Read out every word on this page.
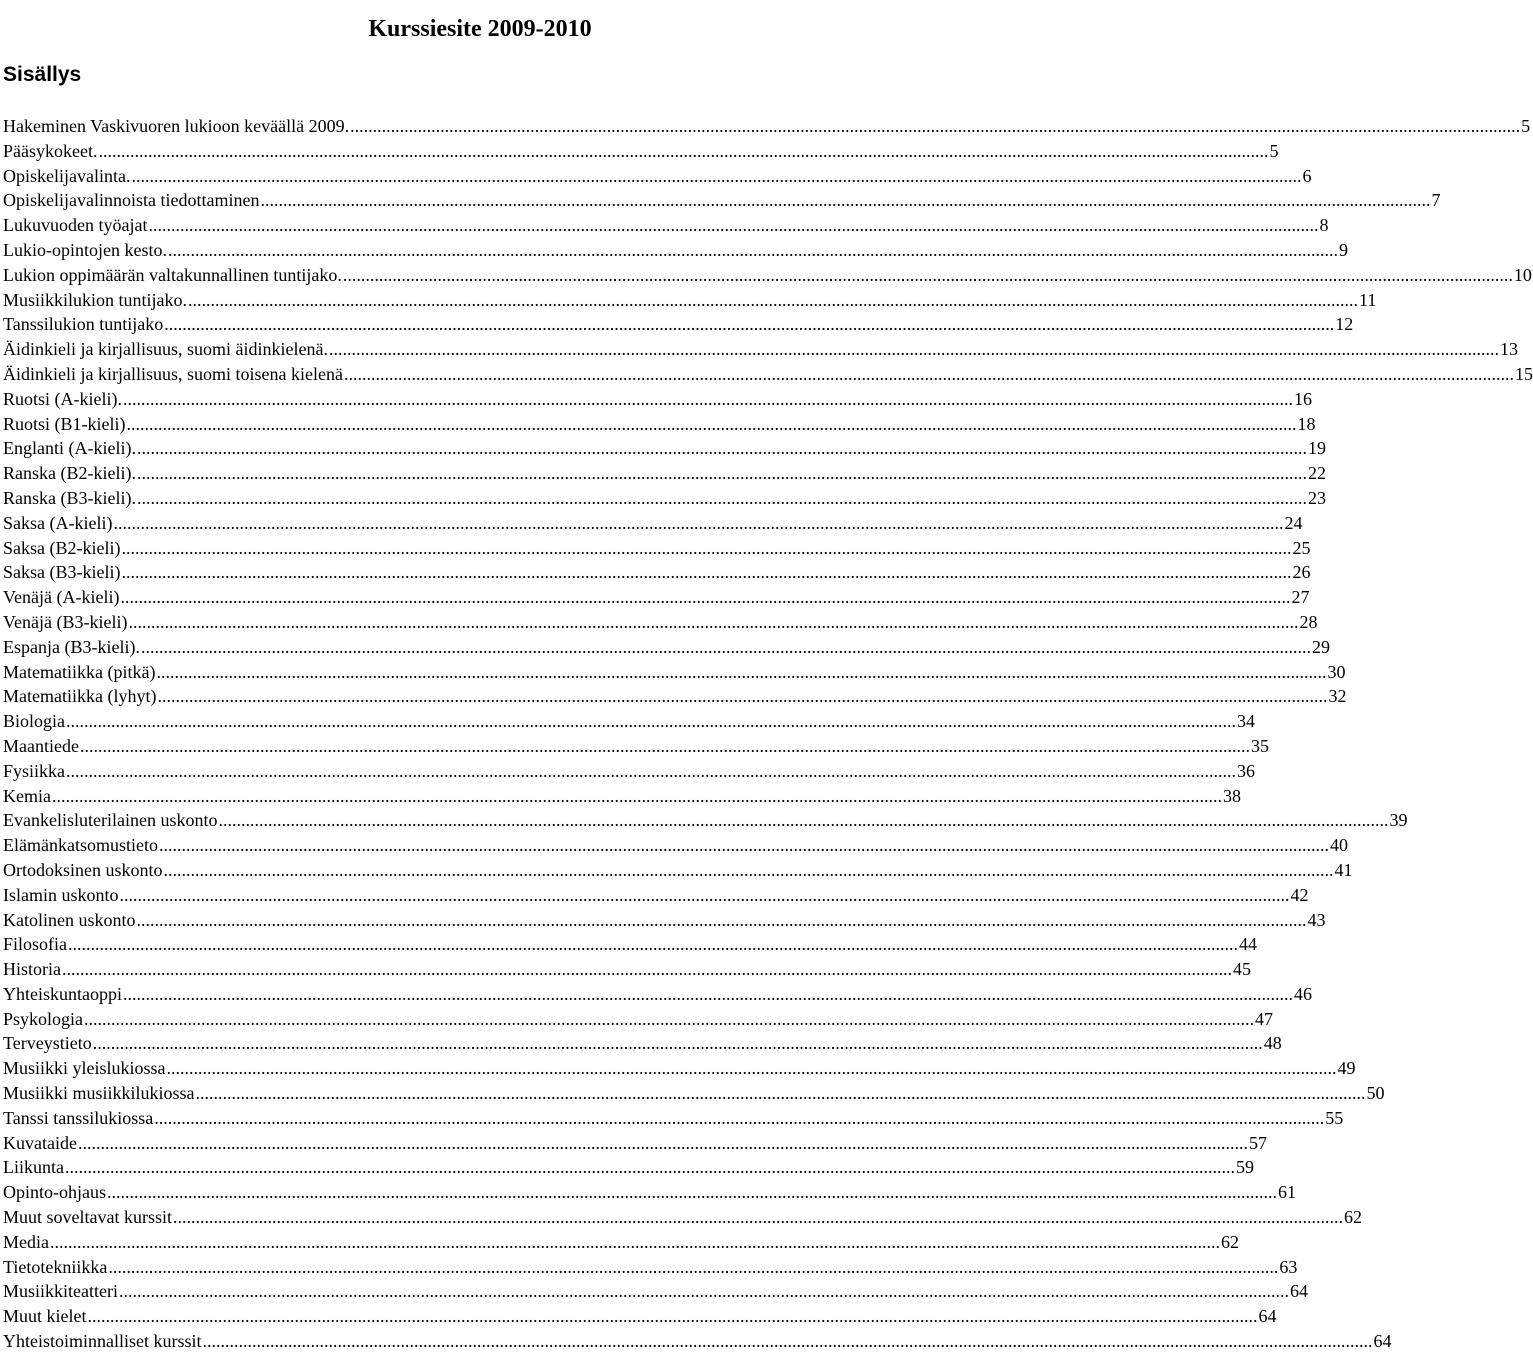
Kurssiesite 2009-2010
Sisällys
Hakeminen Vaskivuoren lukioon keväällä 2009. .................................................................................................................................................................................................................................................................... 5
Pääsykokeet. .................................................................................................................................................................................................................................................................... 5
Opiskelijavalinta. .................................................................................................................................................................................................................................................................... 6
Opiskelijavalinnoista tiedottaminen .................................................................................................................................................................................................................................................................... 7
Lukuvuoden työajat .................................................................................................................................................................................................................................................................... 8
Lukio-opintojen kesto. .................................................................................................................................................................................................................................................................... 9
Lukion oppimäärän valtakunnallinen tuntijako. .................................................................................................................................................................................................................................................................... 10
Musiikkilukion tuntijako. .................................................................................................................................................................................................................................................................... 11
Tanssilukion tuntijako .................................................................................................................................................................................................................................................................... 12
Äidinkieli ja kirjallisuus, suomi äidinkielenä. .................................................................................................................................................................................................................................................................... 13
Äidinkieli ja kirjallisuus, suomi toisena kielenä .................................................................................................................................................................................................................................................................... 15
Ruotsi (A-kieli). .................................................................................................................................................................................................................................................................... 16
Ruotsi (B1-kieli) .................................................................................................................................................................................................................................................................... 18
Englanti (A-kieli). .................................................................................................................................................................................................................................................................... 19
Ranska (B2-kieli). .................................................................................................................................................................................................................................................................... 22
Ranska (B3-kieli). .................................................................................................................................................................................................................................................................... 23
Saksa (A-kieli) .................................................................................................................................................................................................................................................................... 24
Saksa (B2-kieli) .................................................................................................................................................................................................................................................................... 25
Saksa (B3-kieli) .................................................................................................................................................................................................................................................................... 26
Venäjä (A-kieli) .................................................................................................................................................................................................................................................................... 27
Venäjä (B3-kieli) .................................................................................................................................................................................................................................................................... 28
Espanja (B3-kieli). .................................................................................................................................................................................................................................................................... 29
Matematiikka (pitkä) .................................................................................................................................................................................................................................................................... 30
Matematiikka (lyhyt) .................................................................................................................................................................................................................................................................... 32
Biologia .................................................................................................................................................................................................................................................................... 34
Maantiede .................................................................................................................................................................................................................................................................... 35
Fysiikka .................................................................................................................................................................................................................................................................... 36
Kemia .................................................................................................................................................................................................................................................................... 38
Evankelisluterilainen uskonto .................................................................................................................................................................................................................................................................... 39
Elämänkatsomustieto .................................................................................................................................................................................................................................................................... 40
Ortodoksinen uskonto .................................................................................................................................................................................................................................................................... 41
Islamin uskonto .................................................................................................................................................................................................................................................................... 42
Katolinen uskonto .................................................................................................................................................................................................................................................................... 43
Filosofia .................................................................................................................................................................................................................................................................... 44
Historia .................................................................................................................................................................................................................................................................... 45
Yhteiskuntaoppi .................................................................................................................................................................................................................................................................... 46
Psykologia .................................................................................................................................................................................................................................................................... 47
Terveystieto .................................................................................................................................................................................................................................................................... 48
Musiikki yleislukiossa .................................................................................................................................................................................................................................................................... 49
Musiikki musiikkilukiossa .................................................................................................................................................................................................................................................................... 50
Tanssi tanssilukiossa .................................................................................................................................................................................................................................................................... 55
Kuvataide .................................................................................................................................................................................................................................................................... 57
Liikunta .................................................................................................................................................................................................................................................................... 59
Opinto-ohjaus .................................................................................................................................................................................................................................................................... 61
Muut soveltavat kurssit .................................................................................................................................................................................................................................................................... 62
Media .................................................................................................................................................................................................................................................................... 62
Tietotekniikka .................................................................................................................................................................................................................................................................... 63
Musiikkiteatteri .................................................................................................................................................................................................................................................................... 64
Muut kielet .................................................................................................................................................................................................................................................................... 64
Yhteistoiminnalliset kurssit .................................................................................................................................................................................................................................................................... 64
